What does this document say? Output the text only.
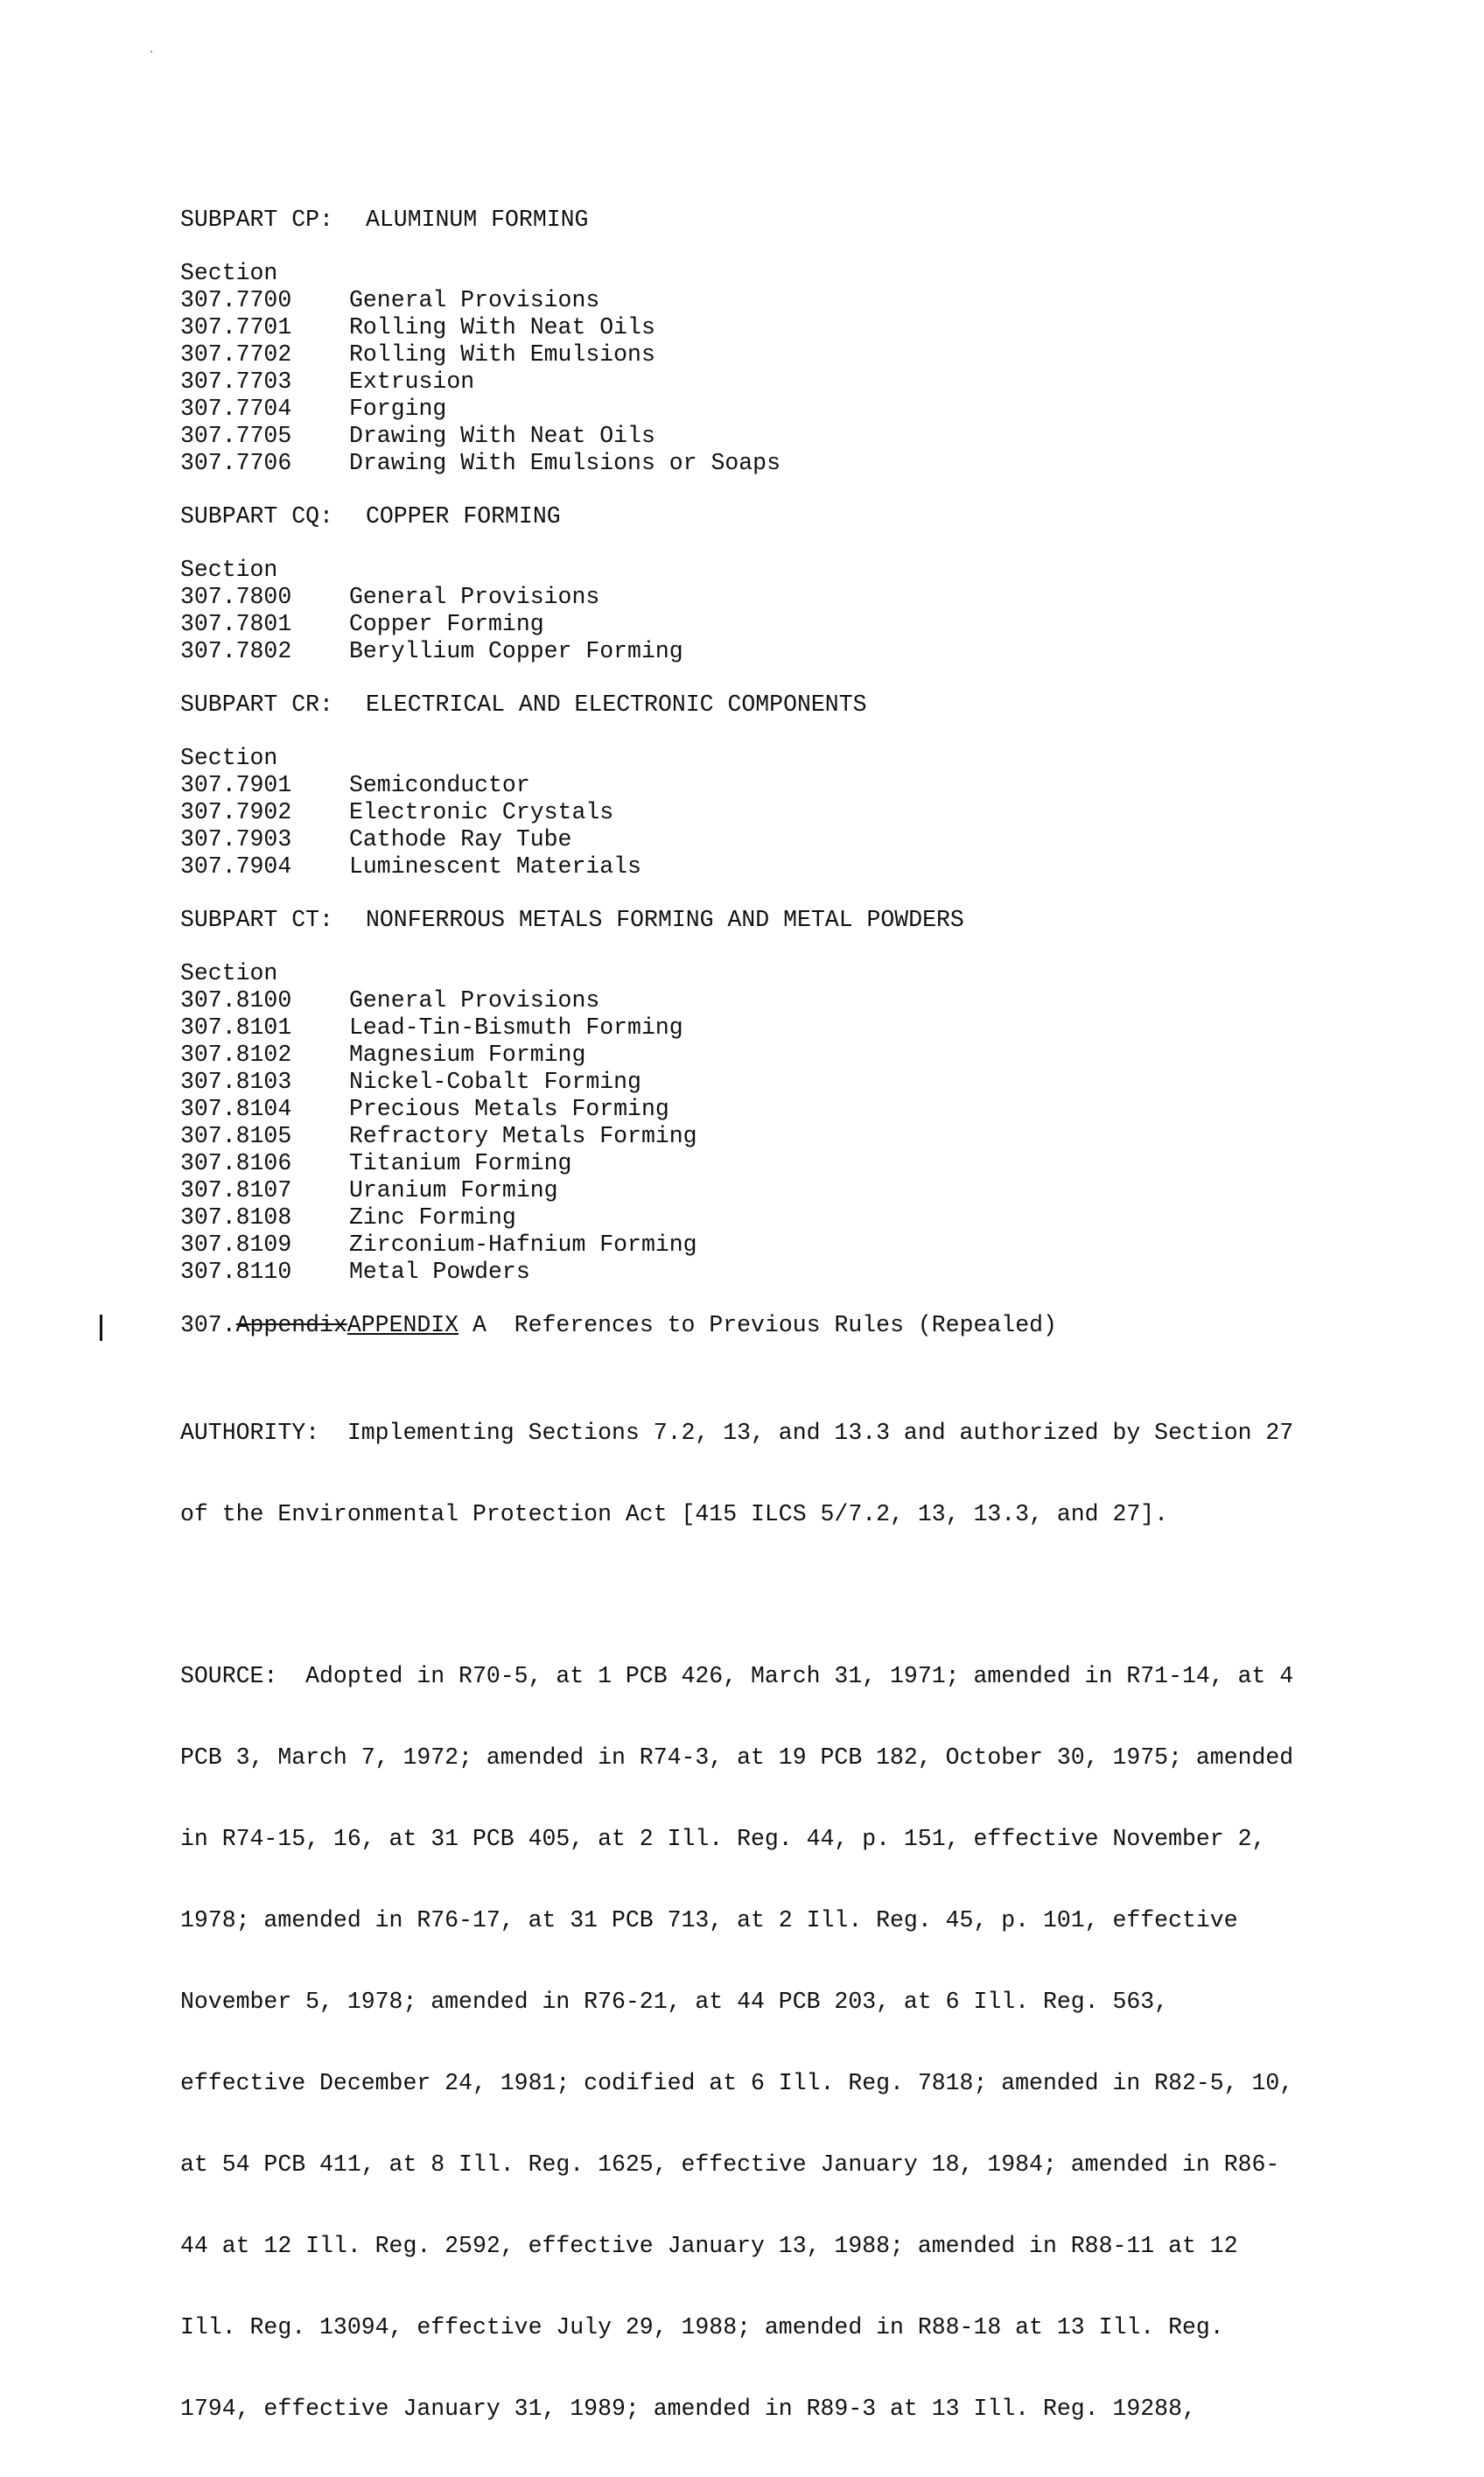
SUBPART CP: ALUMINUM FORMING
Section
307.7700 General Provisions
307.7701 Rolling With Neat Oils
307.7702 Rolling With Emulsions
307.7703 Extrusion
307.7704 Forging
307.7705 Drawing With Neat Oils
307.7706 Drawing With Emulsions or Soaps
SUBPART CQ: COPPER FORMING
Section
307.7800 General Provisions
307.7801 Copper Forming
307.7802 Beryllium Copper Forming
SUBPART CR: ELECTRICAL AND ELECTRONIC COMPONENTS
Section
307.7901 Semiconductor
307.7902 Electronic Crystals
307.7903 Cathode Ray Tube
307.7904 Luminescent Materials
SUBPART CT: NONFERROUS METALS FORMING AND METAL POWDERS
Section
307.8100 General Provisions
307.8101 Lead-Tin-Bismuth Forming
307.8102 Magnesium Forming
307.8103 Nickel-Cobalt Forming
307.8104 Precious Metals Forming
307.8105 Refractory Metals Forming
307.8106 Titanium Forming
307.8107 Uranium Forming
307.8108 Zinc Forming
307.8109 Zirconium-Hafnium Forming
307.8110 Metal Powders
307.AppendixAPPENDIX A  References to Previous Rules (Repealed)

AUTHORITY:  Implementing Sections 7.2, 13, and 13.3 and authorized by Section 27

of the Environmental Protection Act [415 ILCS 5/7.2, 13, 13.3, and 27].

SOURCE:  Adopted in R70-5, at 1 PCB 426, March 31, 1971; amended in R71-14, at 4

PCB 3, March 7, 1972; amended in R74-3, at 19 PCB 182, October 30, 1975; amended

in R74-15, 16, at 31 PCB 405, at 2 Ill. Reg. 44, p. 151, effective November 2,

1978; amended in R76-17, at 31 PCB 713, at 2 Ill. Reg. 45, p. 101, effective

November 5, 1978; amended in R76-21, at 44 PCB 203, at 6 Ill. Reg. 563,

effective December 24, 1981; codified at 6 Ill. Reg. 7818; amended in R82-5, 10,

at 54 PCB 411, at 8 Ill. Reg. 1625, effective January 18, 1984; amended in R86-

44 at 12 Ill. Reg. 2592, effective January 13, 1988; amended in R88-11 at 12

Ill. Reg. 13094, effective July 29, 1988; amended in R88-18 at 13 Ill. Reg.

1794, effective January 31, 1989; amended in R89-3 at 13 Ill. Reg. 19288,
